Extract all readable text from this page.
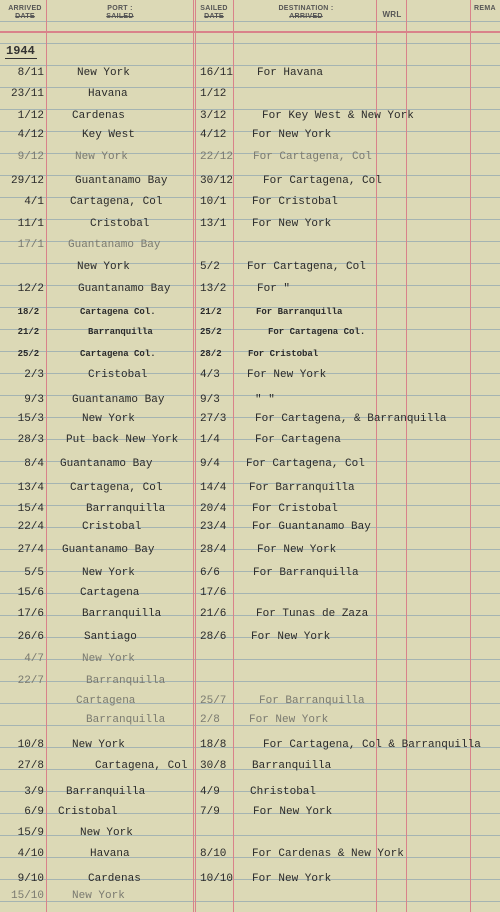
ARRIVED
DATE
PORT :
SAILED
SAILED
DATE
DESTINATION :
ARRIVED	WRL
REMA
1944
8/11	New York	16/11 For Havana
23/11	Havana	1/12
1/12	Cardenas	3/12	For Key West & New York
4/12	Key West	4/12 For New York
9/12	New York	22/12 For Cartagena, Col
29/12	Guantanamo Bay	30/12	For Cartagena, Col
4/1 Cartagena, Col	10/1 For Cristobal
11/1	Cristobal	13/1 For New York
17/1 Guantanamo Bay
New York	5/2 For Cartagena, Col
12/2	Guantanamo Bay	13/2	For "
18/2	Cartagena Col.	21/2	For Barranquilla
21/2	Barranquilla	25/2	For Cartagena Col.
25/2	Cartagena Col.	28/2	For Cristobal
2/3	Cristobal	4/3 For New York
9/3	Guantanamo Bay	9/3	" "
15/3	New York	27/3	For Cartagena, & Barranquilla
28/3 Put back New York 1/4	For Cartagena
8/4 Guantanamo Bay	9/4 For Cartagena, Col
13/4 Cartagena, Col	14/4 For Barranquilla
15/4	Barranquilla	20/4 For Cristobal
22/4	Cristobal	23/4 For Guantanamo Bay
27/4 Guantanamo Bay	28/4	For New York
5/5	New York	6/6	For Barranquilla
15/6	Cartagena	17/6
17/6	Barranquilla	21/6	For Tunas de Zaza
26/6	Santiago	28/6 For New York
4/7	New York
22/7	Barranquilla
Cartagena	25/7	For Barranquilla
Barranquilla	2/8	For New York
10/8	New York	18/8	For Cartagena, Col & Barranquilla
27/8	Cartagena, Col 30/8 Barranquilla
3/9 Barranquilla	4/9	Christobal
6/9 Cristobal	7/9	For New York
15/9	New York
4/10	Havana	8/10 For Cardenas & New York
9/10	Cardenas	10/10 For New York
15/10	New York
